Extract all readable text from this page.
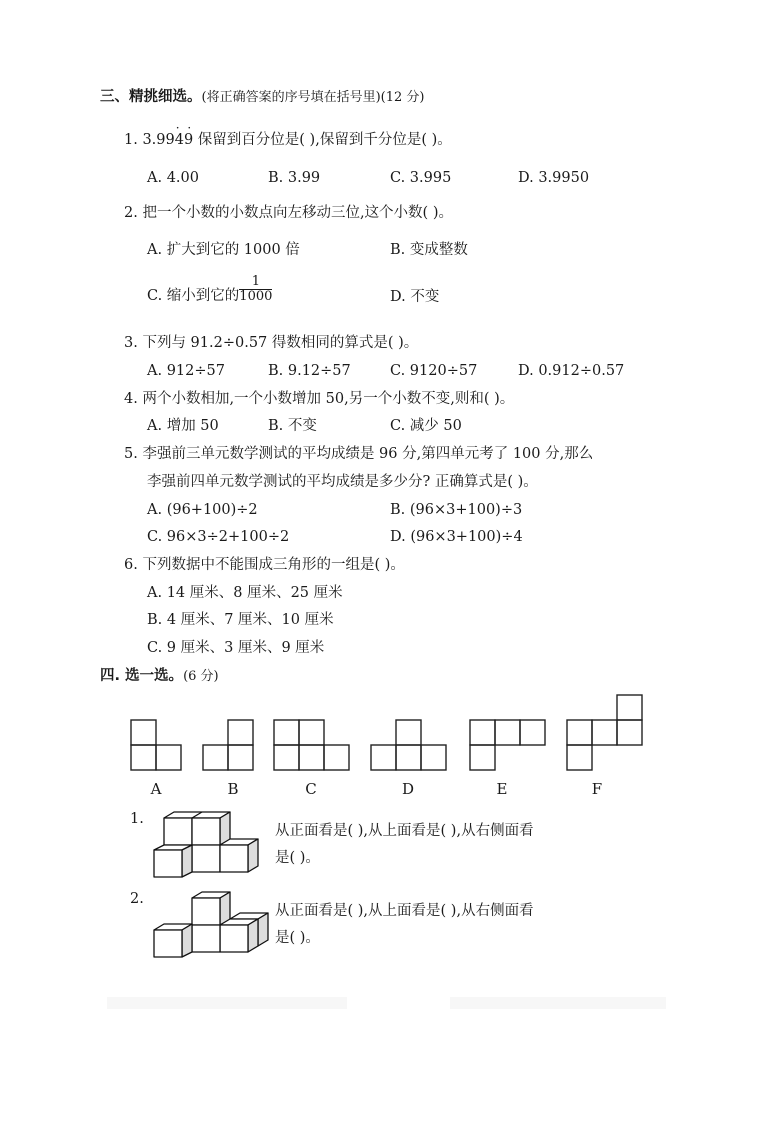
三、精挑细选。(将正确答案的序号填在括号里)(12 分)
1. 3.99
· ·
49 保留到百分位是( ),保留到千分位是( )。
A. 4.00	B. 3.99	C. 3.995	D. 3.9950
2. 把一个小数的小数点向左移动三位,这个小数( )。
A. 扩大到它的 1000 倍	B. 变成整数
C. 缩小到它的 $\frac{1}{1000}$	D. 不变
3. 下列与 91.2÷0.57 得数相同的算式是( )。
A. 912÷57	B. 9.12÷57	C. 9120÷57	D. 0.912÷0.57
4. 两个小数相加,一个小数增加 50,另一个小数不变,则和( )。
A. 增加 50	B. 不变	C. 减少 50
5. 李强前三单元数学测试的平均成绩是 96 分,第四单元考了 100 分,那么
李强前四单元数学测试的平均成绩是多少分? 正确算式是( )。
A. (96+100)÷2	B. (96×3+100)÷3
C. 96×3÷2+100÷2	D. (96×3+100)÷4
6. 下列数据中不能围成三角形的一组是( )。
A. 14 厘米、8 厘米、25 厘米
B. 4 厘米、7 厘米、10 厘米
C. 9 厘米、3 厘米、9 厘米
四. 选一选。(6 分)
A	B	C	D	E	F
1.
从正面看是( ),从上面看是( ),从右侧面看
是( )。
2.
从正面看是( ),从上面看是( ),从右侧面看
是( )。
